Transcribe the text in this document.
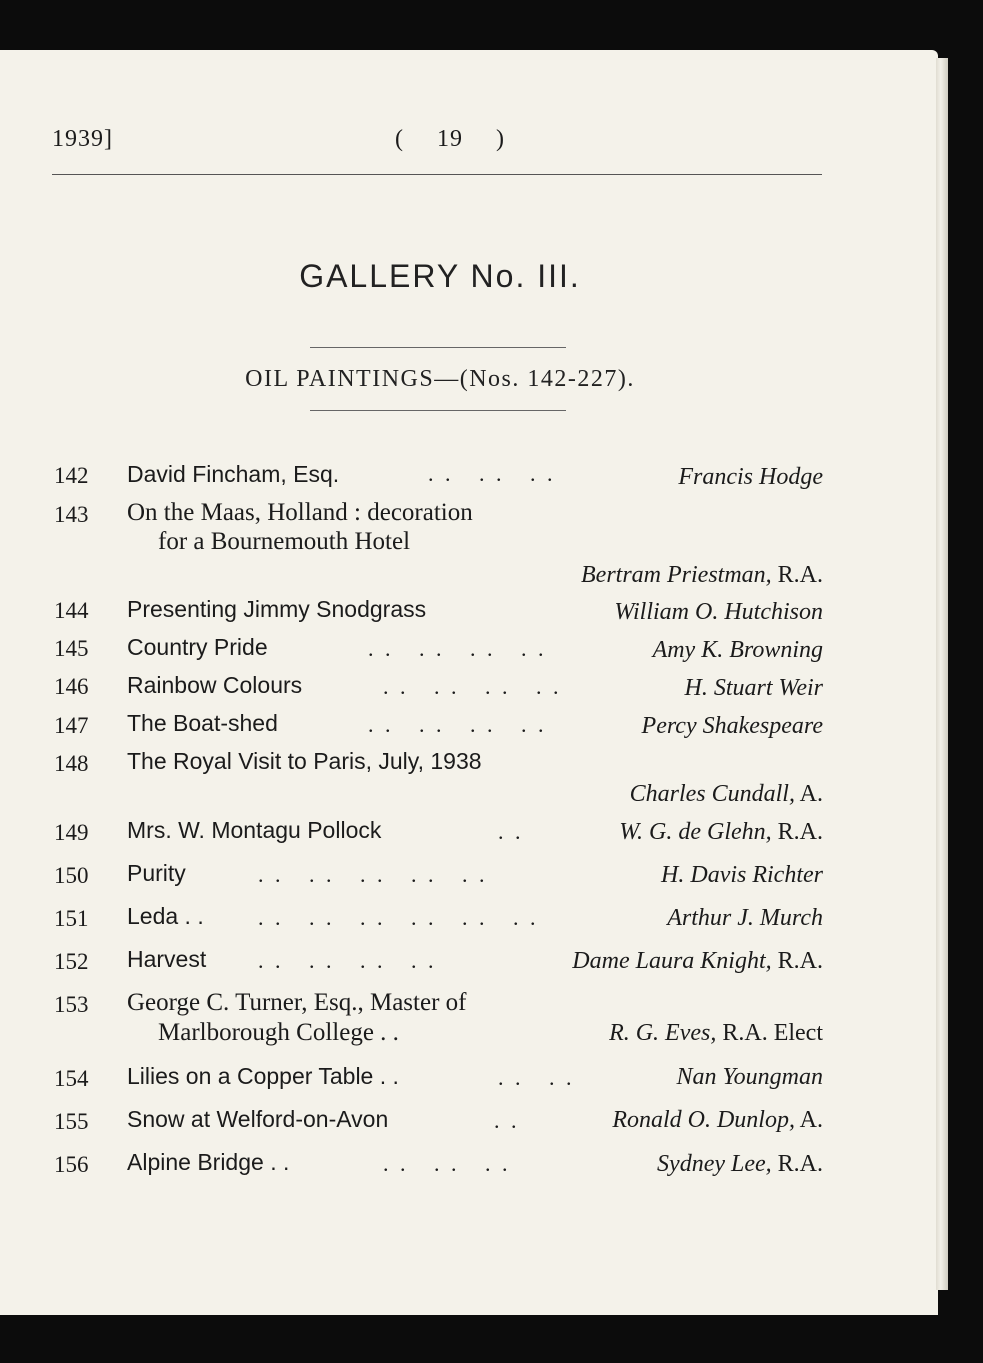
1939]	( 19 )
GALLERY No. III.
OIL PAINTINGS—(Nos. 142-227).
142 David Fincham, Esq.	. .   . .   . .	Francis Hodge
143 On the Maas, Holland : decoration
for a Bournemouth Hotel
Bertram Priestman, R.A.
144 Presenting Jimmy Snodgrass	William O. Hutchison
145 Country Pride	. .   . .   . .   . .	Amy K. Browning
146 Rainbow Colours	. .   . .   . .   . .	H. Stuart Weir
147 The Boat-shed	. .   . .   . .   . .	Percy Shakespeare
148 The Royal Visit to Paris, July, 1938
Charles Cundall, A.
149 Mrs. W. Montagu Pollock	. .	W. G. de Glehn, R.A.
150 Purity	. .   . .   . .   . .   . .	H. Davis Richter
151 Leda . . . .   . .   . .   . .   . .   . .	Arthur J. Murch
152 Harvest . .   . .   . .   . .	Dame Laura Knight, R.A.
153 George C. Turner, Esq., Master of
Marlborough College . .	R. G. Eves, R.A. Elect
154 Lilies on a Copper Table . .	. .   . .	Nan Youngman
155 Snow at Welford-on-Avon	. .	Ronald O. Dunlop, A.
156 Alpine Bridge . .	. .   . .   . .	Sydney Lee, R.A.
